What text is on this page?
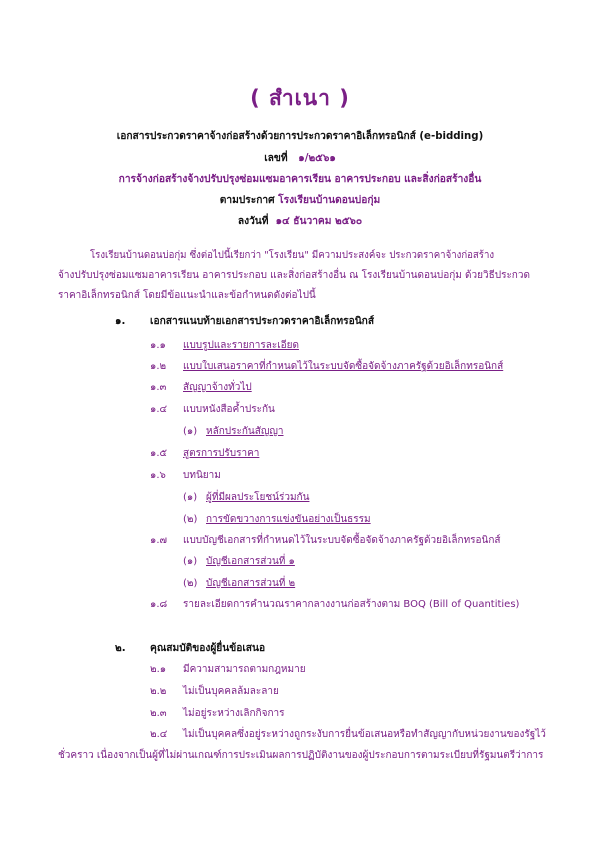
( สำเนา )
เอกสารประกวดราคาจ้างก่อสร้างด้วยการประกวดราคาอิเล็กทรอนิกส์ (e-bidding)
เลขที่ ๑/๒๕๖๑
การจ้างก่อสร้างจ้างปรับปรุงซ่อมแซมอาคารเรียน อาคารประกอบ และสิ่งก่อสร้างอื่น
ตามประกาศ โรงเรียนบ้านดอนบ่อกุ่ม
ลงวันที่ ๑๔ ธันวาคม ๒๕๖๐
โรงเรียนบ้านดอนบ่อกุ่ม ซึ่งต่อไปนี้เรียกว่า "โรงเรียน" มีความประสงค์จะ ประกวดราคาจ้างก่อสร้าง
จ้างปรับปรุงซ่อมแซมอาคารเรียน อาคารประกอบ และสิ่งก่อสร้างอื่น ณ โรงเรียนบ้านดอนบ่อกุ่ม ด้วยวิธีประกวด
ราคาอิเล็กทรอนิกส์ โดยมีข้อแนะนำและข้อกำหนดดังต่อไปนี้
๑. เอกสารแนบท้ายเอกสารประกวดราคาอิเล็กทรอนิกส์
๑.๑ แบบรูปและรายการละเอียด
๑.๒ แบบใบเสนอราคาที่กำหนดไว้ในระบบจัดซื้อจัดจ้างภาครัฐด้วยอิเล็กทรอนิกส์
๑.๓ สัญญาจ้างทั่วไป
๑.๔ แบบหนังสือค้ำประกัน
(๑) หลักประกันสัญญา
๑.๕ สูตรการปรับราคา
๑.๖ บทนิยาม
(๑) ผู้ที่มีผลประโยชน์ร่วมกัน
(๒) การขัดขวางการแข่งขันอย่างเป็นธรรม
๑.๗ แบบบัญชีเอกสารที่กำหนดไว้ในระบบจัดซื้อจัดจ้างภาครัฐด้วยอิเล็กทรอนิกส์
(๑) บัญชีเอกสารส่วนที่ ๑
(๒) บัญชีเอกสารส่วนที่ ๒
๑.๘ รายละเอียดการคำนวณราคากลางงานก่อสร้างตาม BOQ (Bill of Quantities)
๒. คุณสมบัติของผู้ยื่นข้อเสนอ
๒.๑ มีความสามารถตามกฎหมาย
๒.๒ ไม่เป็นบุคคลล้มละลาย
๒.๓ ไม่อยู่ระหว่างเลิกกิจการ
๒.๔ ไม่เป็นบุคคลซึ่งอยู่ระหว่างถูกระงับการยื่นข้อเสนอหรือทำสัญญากับหน่วยงานของรัฐไว้
ชั่วคราว เนื่องจากเป็นผู้ที่ไม่ผ่านเกณฑ์การประเมินผลการปฏิบัติงานของผู้ประกอบการตามระเบียบที่รัฐมนตรีว่าการ
